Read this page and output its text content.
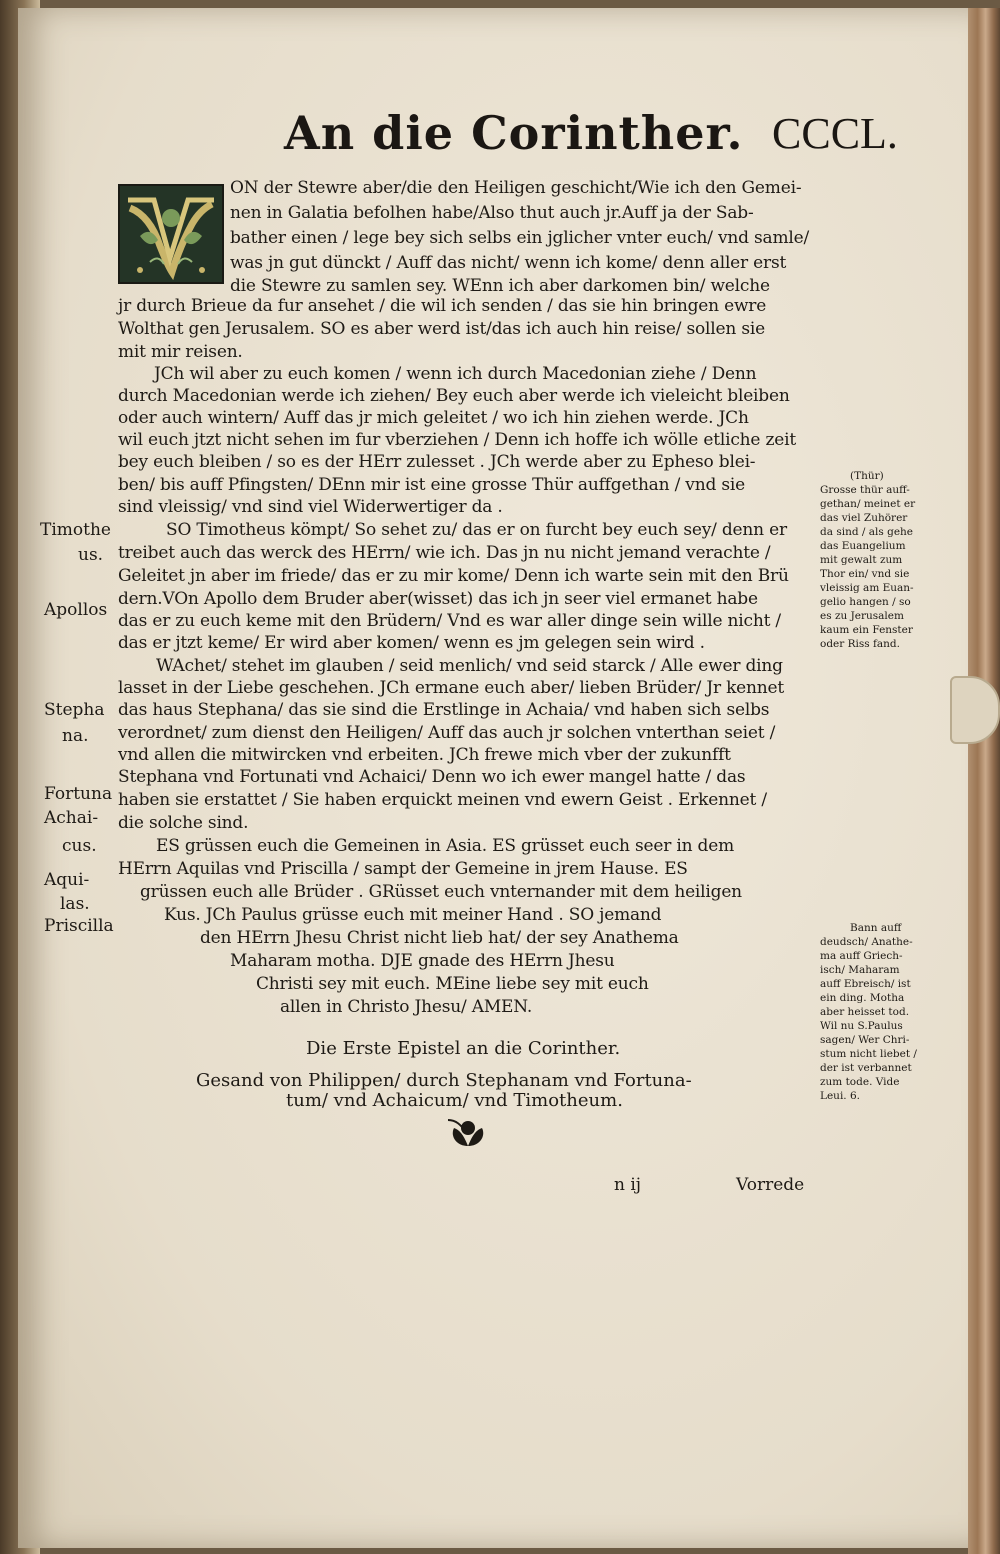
An die Corinther. CCCL.
ON der Stewre aber/die den Heiligen geschicht/Wie ich den Gemei-
nen in Galatia befolhen habe/Also thut auch jr.Auff ja der Sab-
bather einen / lege bey sich selbs ein jglicher vnter euch/ vnd samle/
was jn gut dünckt / Auff das nicht/ wenn ich kome/ denn aller erst
die Stewre zu samlen sey. WEnn ich aber darkomen bin/ welche
jr durch Brieue da fur ansehet / die wil ich senden / das sie hin bringen ewre
Wolthat gen Jerusalem. SO es aber werd ist/das ich auch hin reise/ sollen sie
mit mir reisen.
JCh wil aber zu euch komen / wenn ich durch Macedonian ziehe / Denn
durch Macedonian werde ich ziehen/ Bey euch aber werde ich vieleicht bleiben
oder auch wintern/ Auff das jr mich geleitet / wo ich hin ziehen werde. JCh
wil euch jtzt nicht sehen im fur vberziehen / Denn ich hoffe ich wölle etliche zeit
bey euch bleiben / so es der HErr zulesset . JCh werde aber zu Epheso blei-
ben/ bis auff Pfingsten/ DEnn mir ist eine grosse Thür auffgethan / vnd sie
sind vleissig/ vnd sind viel Widerwertiger da .
SO Timotheus kömpt/ So sehet zu/ das er on furcht bey euch sey/ denn er
treibet auch das werck des HErrn/ wie ich. Das jn nu nicht jemand verachte /
Geleitet jn aber im friede/ das er zu mir kome/ Denn ich warte sein mit den Brü
dern.VOn Apollo dem Bruder aber(wisset) das ich jn seer viel ermanet habe
das er zu euch keme mit den Brüdern/ Vnd es war aller dinge sein wille nicht /
das er jtzt keme/ Er wird aber komen/ wenn es jm gelegen sein wird .
WAchet/ stehet im glauben / seid menlich/ vnd seid starck / Alle ewer ding
lasset in der Liebe geschehen. JCh ermane euch aber/ lieben Brüder/ Jr kennet
das haus Stephana/ das sie sind die Erstlinge in Achaia/ vnd haben sich selbs
verordnet/ zum dienst den Heiligen/ Auff das auch jr solchen vnterthan seiet /
vnd allen die mitwircken vnd erbeiten. JCh frewe mich vber der zukunfft
Stephana vnd Fortunati vnd Achaici/ Denn wo ich ewer mangel hatte / das
haben sie erstattet / Sie haben erquickt meinen vnd ewern Geist . Erkennet /
die solche sind.
ES grüssen euch die Gemeinen in Asia. ES grüsset euch seer in dem
HErrn Aquilas vnd Priscilla / sampt der Gemeine in jrem Hause. ES
grüssen euch alle Brüder . GRüsset euch vnternander mit dem heiligen
Kus. JCh Paulus grüsse euch mit meiner Hand . SO jemand
den HErrn Jhesu Christ nicht lieb hat/ der sey Anathema
Maharam motha. DJE gnade des HErrn Jhesu
Christi sey mit euch. MEine liebe sey mit euch
allen in Christo Jhesu/ AMEN.
Timothe
us.
Apollos
Stepha
na.
Fortuna
Achai-
cus.
Aqui-
las.
Priscilla
(Thür)
Grosse thür auff-
gethan/ meinet er
das viel Zuhörer
da sind / als gehe
das Euangelium
mit gewalt zum
Thor ein/ vnd sie
vleissig am Euan-
gelio hangen / so
es zu Jerusalem
kaum ein Fenster
oder Riss fand.
Bann auff
deudsch/ Anathe-
ma auff Griech-
isch/ Maharam
auff Ebreisch/ ist
ein ding. Motha
aber heisset tod.
Wil nu S.Paulus
sagen/ Wer Chri-
stum nicht liebet /
der ist verbannet
zum tode. Vide
Leui. 6.
Die Erste Epistel an die Corinther.
Gesand von Philippen/ durch Stephanam vnd Fortuna-
tum/ vnd Achaicum/ vnd Timotheum.
n ij	Vorrede
